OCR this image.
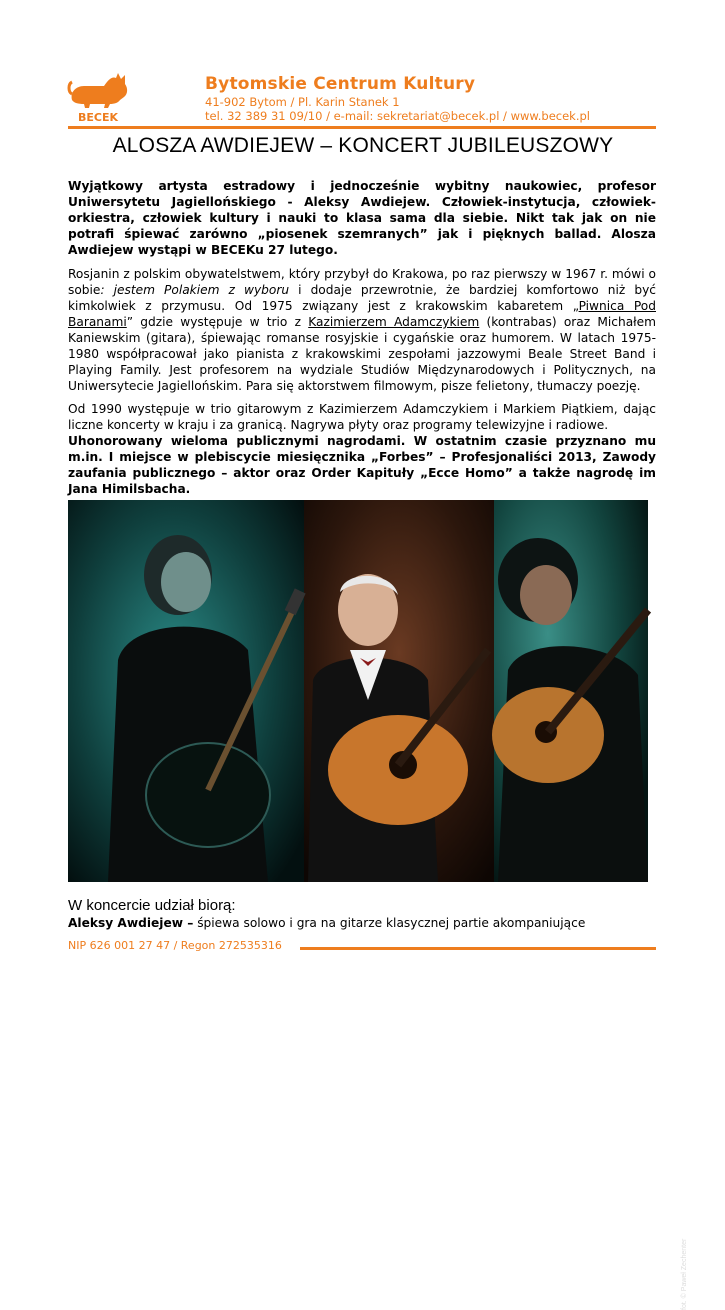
BECEK
Bytomskie Centrum Kultury
41-902 Bytom / Pl. Karin Stanek 1
tel. 32 389 31 09/10 / e-mail: sekretariat@becek.pl / www.becek.pl
ALOSZA AWDIEJEW – KONCERT JUBILEUSZOWY
Wyjątkowy artysta estradowy i jednocześnie wybitny naukowiec, profesor Uniwersytetu Jagiellońskiego - Aleksy Awdiejew. Człowiek-instytucja, człowiek-orkiestra, człowiek kultury i nauki to klasa sama dla siebie. Nikt tak jak on nie potrafi śpiewać zarówno „piosenek szemranych” jak i pięknych ballad. Alosza Awdiejew wystąpi w BECEKu 27 lutego.
Rosjanin z polskim obywatelstwem, który przybył do Krakowa, po raz pierwszy w 1967 r. mówi o sobie: jestem Polakiem z wyboru i dodaje przewrotnie, że bardziej komfortowo niż być kimkolwiek z przymusu. Od 1975 związany jest z krakowskim kabaretem „Piwnica Pod Baranami” gdzie występuje w trio z Kazimierzem Adamczykiem (kontrabas) oraz Michałem Kaniewskim (gitara), śpiewając romanse rosyjskie i cygańskie oraz humorem. W latach 1975-1980 współpracował jako pianista z krakowskimi zespołami jazzowymi Beale Street Band i Playing Family. Jest profesorem na wydziale Studiów Międzynarodowych i Politycznych, na Uniwersytecie Jagiellońskim. Para się aktorstwem filmowym, pisze felietony, tłumaczy poezję.
Od 1990 występuje w trio gitarowym z Kazimierzem Adamczykiem i Markiem Piątkiem, dając liczne koncerty w kraju i za granicą. Nagrywa płyty oraz programy telewizyjne i radiowe.
Uhonorowany wieloma publicznymi nagrodami. W ostatnim czasie przyznano mu m.in. I miejsce w plebiscycie miesięcznika „Forbes” – Profesjonaliści 2013, Zawody zaufania publicznego – aktor oraz Order Kapituły „Ecce Homo” a także nagrodę im Jana Himilsbacha.
fot. © Paweł Zechenter
W koncercie udział biorą:
Aleksy Awdiejew – śpiewa solowo i gra na gitarze klasycznej partie akompaniujące
NIP 626 001 27 47 / Regon 272535316
